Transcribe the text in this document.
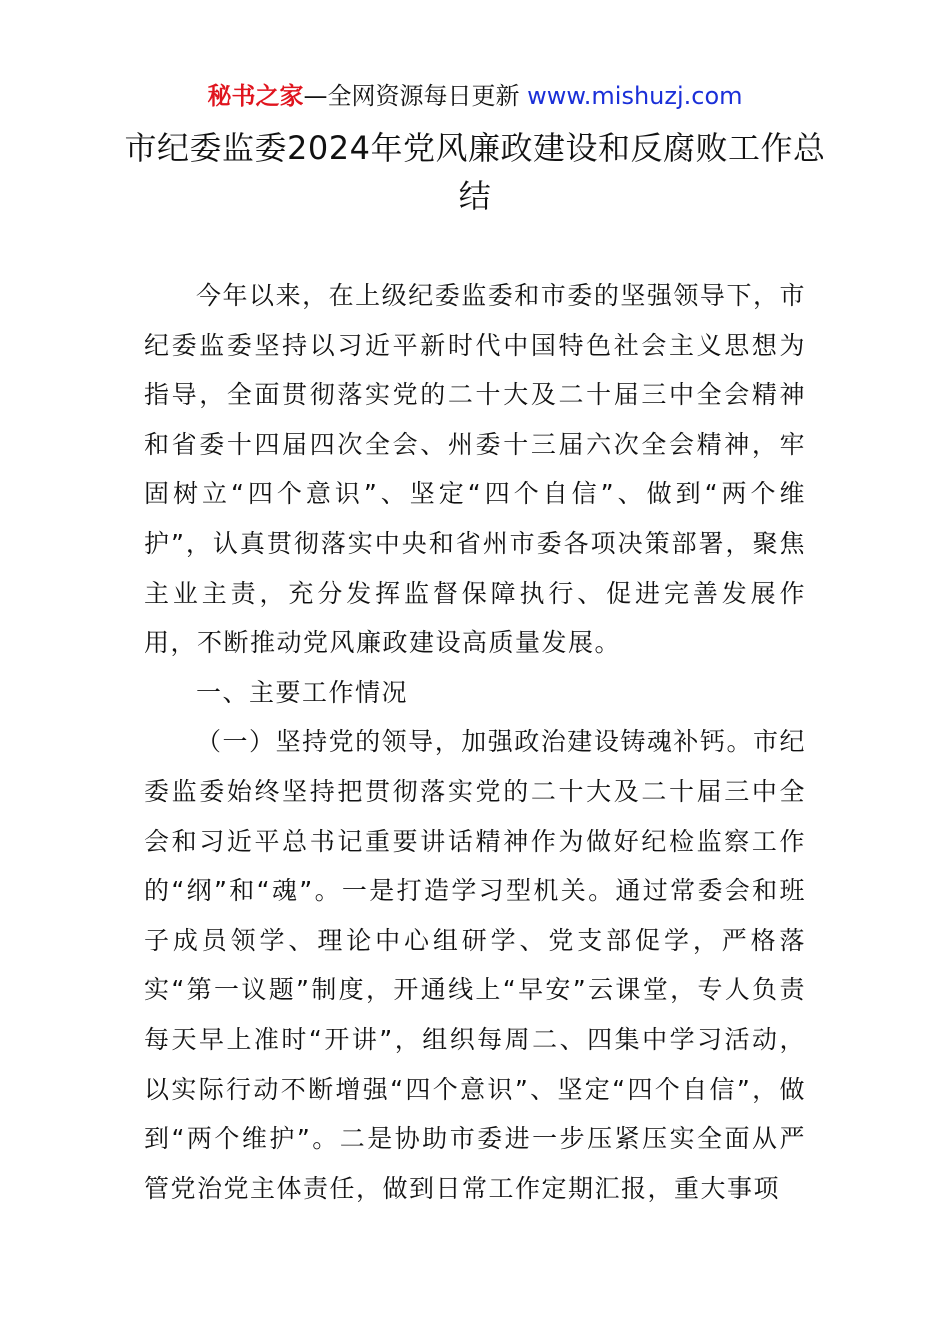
秘书之家—全网资源每日更新 www.mishuzj.com
市纪委监委2024年党风廉政建设和反腐败工作总结

今年以来，在上级纪委监委和市委的坚强领导下，市纪委监委坚持以习近平新时代中国特色社会主义思想为指导，全面贯彻落实党的二十大及二十届三中全会精神和省委十四届四次全会、州委十三届六次全会精神，牢固树立“四个意识”、坚定“四个自信”、做到“两个维护”，认真贯彻落实中央和省州市委各项决策部署，聚焦主业主责，充分发挥监督保障执行、促进完善发展作用，不断推动党风廉政建设高质量发展。

一、主要工作情况

（一）坚持党的领导，加强政治建设铸魂补钙。市纪委监委始终坚持把贯彻落实党的二十大及二十届三中全会和习近平总书记重要讲话精神作为做好纪检监察工作的“纲”和“魂”。一是打造学习型机关。通过常委会和班子成员领学、理论中心组研学、党支部促学，严格落实“第一议题”制度，开通线上“早安”云课堂，专人负责每天早上准时“开讲”，组织每周二、四集中学习活动，以实际行动不断增强“四个意识”、坚定“四个自信”，做到“两个维护”。二是协助市委进一步压紧压实全面从严管党治党主体责任，做到日常工作定期汇报，重大事项
